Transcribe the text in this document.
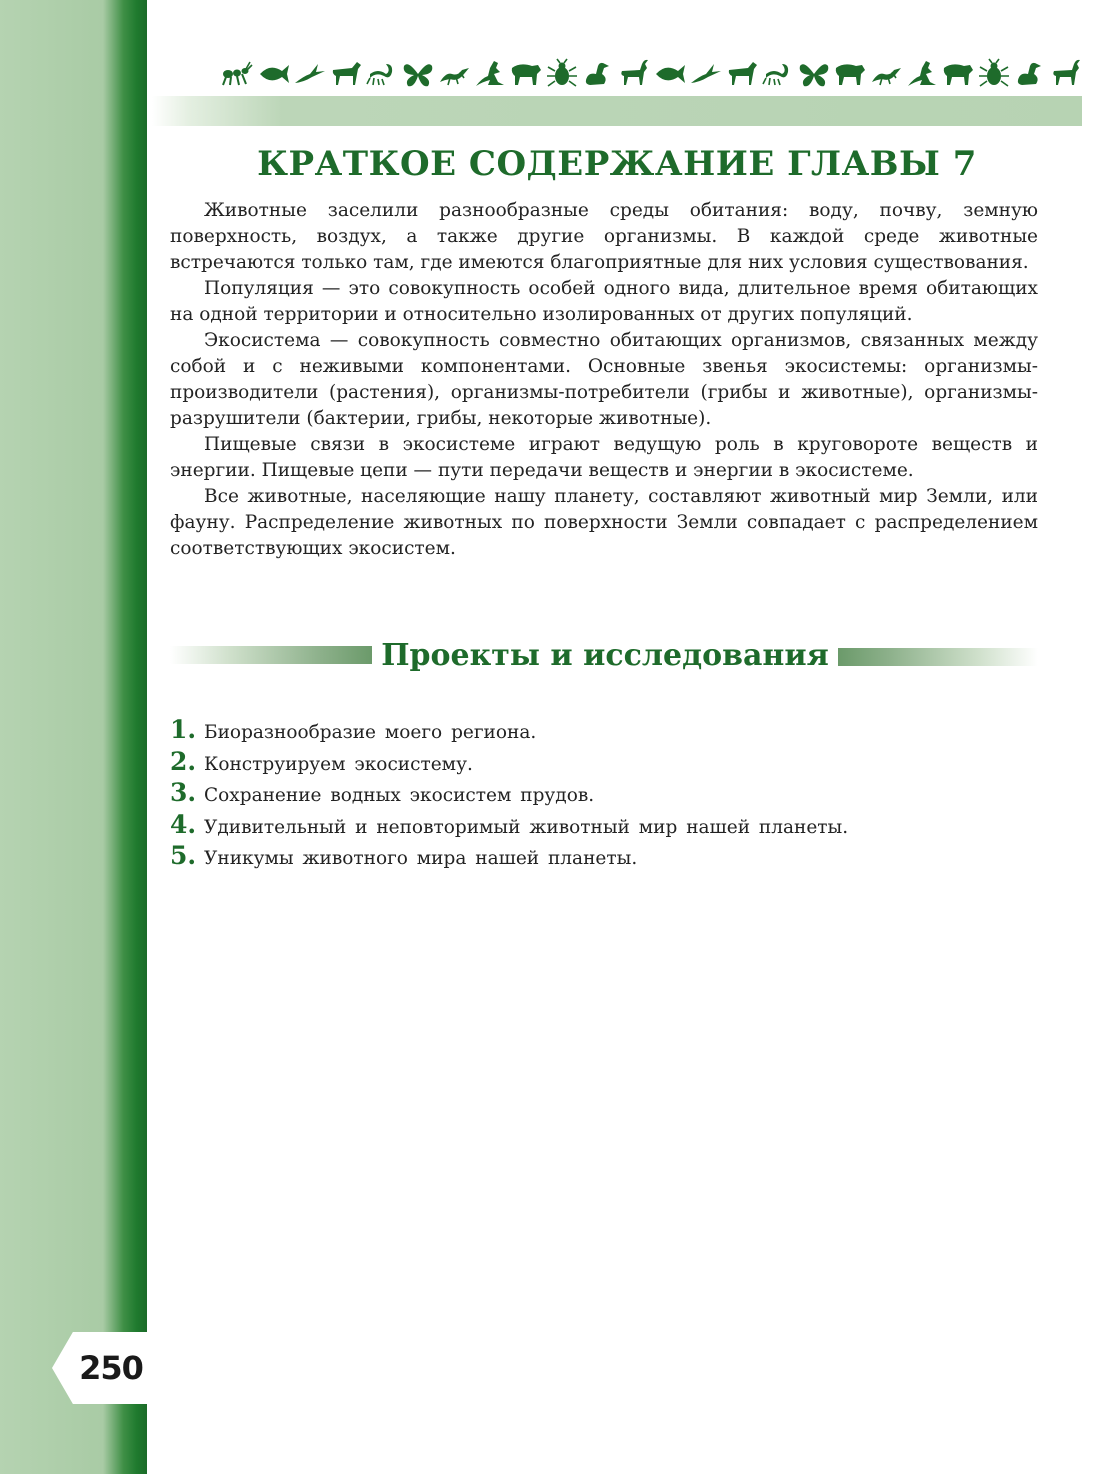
250
КРАТКОЕ СОДЕРЖАНИЕ ГЛАВЫ 7

Животные заселили разнообразные среды обитания: воду, почву, земную поверхность, воздух, а также другие организмы. В каждой среде животные встречаются только там, где имеются благоприятные для них условия существования.

Популяция — это совокупность особей одного вида, длительное время обитающих на одной территории и относительно изолированных от других популяций.

Экосистема — совокупность совместно обитающих организмов, связанных между собой и с неживыми компонентами. Основные звенья экосистемы: организмы-производители (растения), организмы-потребители (грибы и животные), организмы-разрушители (бактерии, грибы, некоторые животные).

Пищевые связи в экосистеме играют ведущую роль в круговороте веществ и энергии. Пищевые цепи — пути передачи веществ и энергии в экосистеме.

Все животные, населяющие нашу планету, составляют животный мир Земли, или фауну. Распределение животных по поверхности Земли совпадает с распределением соответствующих экосистем.

Проекты и исследования
1. Биоразнообразие моего региона.
2. Конструируем экосистему.
3. Сохранение водных экосистем прудов.
4. Удивительный и неповторимый животный мир нашей планеты.
5. Уникумы животного мира нашей планеты.
